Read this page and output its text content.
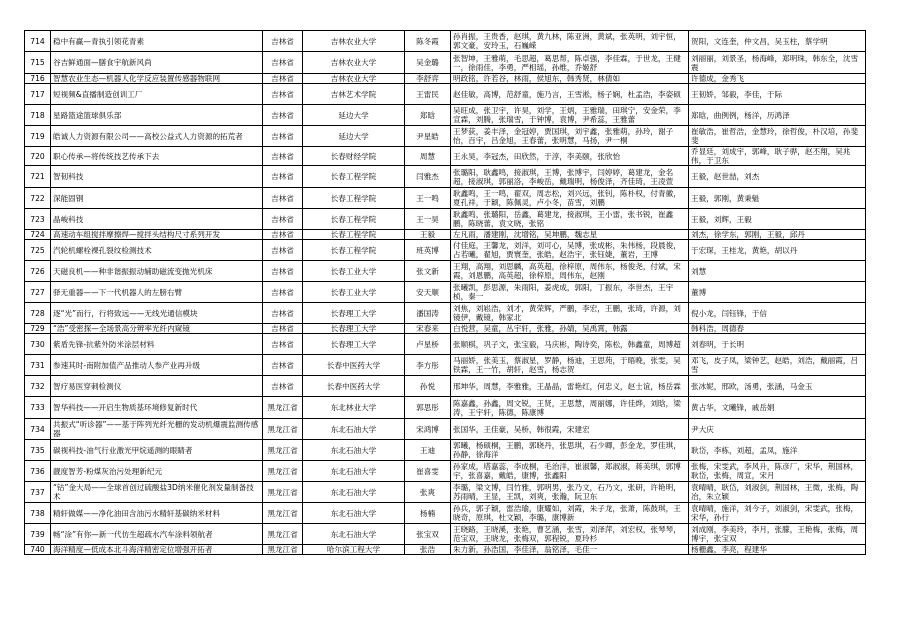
714	稳中有赢—青执引领花青素	吉林省	吉林农业大学	陈冬霞	孙肖振，王贵香，赵琪，黄九林，陈亚洲，黄斌，张英明，刘宇恒，郭文豪，安玲玉，石巍嵘	贺阳，文连奎，仲文昌，吴玉柱，蔡学明
715	谷吉鲜通面—膳食宇航新风尚	吉林省	吉林农业大学	吴金璐	张智坤，王雅萌，毛思超，葛思帮，陈卓强，李佳霖，于世龙，王健一，徐雨佳，李勇，严相瑶，孙维，乔姬舒	刘丽丽，刘景圣，杨海峰，郑明珠，韩东全，沈雪震
716	智慧农业生态—机器人化学反应装置传感器物联网	吉林省	吉林农业大学	李舒弈	明政铭，许若谷，林雨，侯旭东，韩秀贤，林倩如	许德成，金秀飞
717	短视频&直播制造创训工厂	吉林省	吉林艺术学院	王雷民	赵佳敏，高博，范舒童，施乃言，王雪淞，杨子娴，杜孟浩，李姿硕	王韧娇，邹毅，李佳，于际
718	星路篮途篮球俱乐部	吉林省	延边大学	郑晗	吴旺成，张卫宇，许昊，刘学，王炳，王雅瑞，田琪宁，安金荣，李宣霖，刘腾，张瑞雪，于钟博，袁博，尹希蕊，王雅蕾	郑晗，曲例例，杨洋，历鸿泽
719	皓诚人力资源有限公司——高校公益式人力资源的拓荒者	吉林省	延边大学	尹星皓	王梦荻，姜丰泽，金冠婷，贾国琪，刘宇鑫，张雅萌，孙玲，谢子怡，百宇，吕金旭，王春蕾，张明慧，马扬，尹一桐	崔敏浩，崔哲浩，金慧玲，徐哲俊，朴汉培，孙斐斐
720	职心传承—将传统技艺传承下去	吉林省	长春财经学院	周慧	王永昊，李冠杰，田欣然，于淳，李美颐，张欣怡	乔显廷，刘成宇，郭峰，耿子骅，赵丕翔，吴兆伟，于卫东
721	智韧科技	吉林省	长春工程学院	闫雅杰	张璐阳，耿鑫鸣，接淑琪，王博，张博宇，闫婷婷，葛建龙，金名超，接淑琪，郭丽洛，李峻岳，戴瑞明，杨俊泽，齐佳琦，王凌萱	王毅，赵世喆，刘杰
722	深能固钢	吉林省	长春工程学院	王一鸣	耿鑫鸣，王一鸣，翟双，周志松，刘兴远，张钊，陈朴权，付青徽，夏孔祥，于颖，陈佩灵，卢小冬，苗雪，刘鹏	王毅，郭刚，黄秉魁
723	晶峻科技	吉林省	长春工程学院	王一昊	耿鑫鸣，张璐阳，岳鑫，葛建龙，接淑琪，王小雷，张书锐，崔鑫鹏，陈晓蕾，袁文晓，张铭	王毅，刘辉，王毅
724	高速动车组搅拌摩擦焊—搅拌头结构尺寸系列开发	吉林省	长春工程学院	王毅	左凡雨，潘建刚，沈增铭，吴坤鹏，魏志星	刘杰，徐学东，郭刚，王毅，邱丹
725	汽轮机螺栓裸孔裂纹检测技术	吉林省	长春工程学院	班英博	付佳庭，王馨龙，刘洋，刘可心，吴博，张成彬，朱伟杨，段晨俊，占若曦，翟旭，贾寰奎，张皓，赵浩宇，张钰婕，董岩，王博	于宏琛，王桂龙，黄艳，胡以丹
726	天磁良机——种非谐振振动辅助磁流变抛光机床	吉林省	长春工业大学	张文新	王翔，高翔，刘思麟，高英超，徐梓原，周伟东，杨俊尧，付斌，宋霞，刘恩鹏，高英超，徐梓原，周伟东，赵刚	刘慧
727	驿无重器——下一代机器人的左膀右臂	吉林省	长春工业大学	安天顺	张曦凯，彭思源，朱雨阳，姜虎成，郭阳，丁振东，李世杰，王宇桢，秦一	董博
728	逐“光”而行，行将致远——无线光通信模块	吉林省	长春理工大学	潘国涛	刘焦，刘崧浩，刘才，黄荣辉，严鹏，李宏，王鹏，张琦，许源，刘镜伊，戴镜，韩家北	倪小龙，闫钰锋，于信
729	“浩”受密探—全场景高分辨率光纤内窥镜	吉林省	长春理工大学	宋春来	白悦营，吴童，丛宇轩，张雅，孙婧，吴禹霄，韩露	韩科浩，周德春
730	紫盾先锋-抗紫外防米涂层材料	吉林省	长春理工大学	卢星桥	张顺棋，巩子文，张宝毅，马庆彬，陶诗奕，陈松，韩鑫童，周博超	刘春明，于长明
731	参速其时-南附加值产品推动人参产业再升级	吉林省	长春中医药大学	李方彤	马丽娇，张美玉，蔡淑星，罗静，杨迪，王思苑，于晤晚，张雯，吴铁霖，王一竹，胡轩，赵雪，杨志贺	邓飞，皮子凤，梁钟艺，赵皓，刘浩，戴丽霞，吕雪
732	智疗易医穿刺检测仪	吉林省	长春中医药大学	孙悦	邢坤华，周慧，李雅雅，王晶晶，雷艳红，何忠义，赵士谊，杨岳霖	张冰妮，邢欧，汤勇，张涵，马金玉
733	智华科技——开启生物质基环境修复新时代	黑龙江省	东北林业大学	郭思彤	陈嘉鑫，孙鑫，周文锐，王贤，王思慧，周丽娜，许佳烨，刘晗，梁涛，王宇轩，陈德，陈康博	黄占华，文曦锋，戚岳娟
734	共振式“听诊器”——基于阵列光纤光栅的发动机爆震监测传感器	黑龙江省	东北石油大学	宋鸿博	张国华，王佳豪，吴桥，韩很霞，宋建宏	尹大庆
735	碳视科技-油气行业激光甲烷遥测的眼睛者	黑龙江省	东北石油大学	王迪	郭曦，杨硕桐，王鹏，郭晓丹，张思琪，石少卿，彭金龙，罗佳琪，孙静，徐海洋	耿岱，李栋，刘超，孟凤，施洋
736	靓度智芳-粉煤灰治污处理新纪元	黑龙江省	东北石油大学	崔喜雯	孙家成，塔嘉蕊，李成桐，毛治洋，崔淑馨，郑淑淑，蒋美琪，郭博宇，张喜嘉，戴皓，康博，张鑫阳	张梅，宋雯武，李风升，陈彦厂，宋华，荆国林，耿岱，张梅，周宣，宋月
737	“钴”金大局——全球首创过硫酸盐3D纳米催化剂发量制备技术	黑龙江省	东北石油大学	张爽	李璐，梁文博，闫竹雅，郭明男，张乃文，石乃文，张研，许艳明，苏雨晴，王显，王凯，刘爽，张瀚，阮卫东	袁晴晴，耿岱，刘淑剑，荆国林，王微，张梅，陶冶，朱立颖
738	精轩做媒——净化油田含油污水精轩基碳纳米材料	黑龙江省	东北石油大学	杨楠	孙兵，郭子颖，雷浩瑜，康耀如，刘霞，朱子龙，张萧，陈鼓琪，王晓奇，原琪，杜文颖，李璐，康博新	袁晴晴，施洋，刘今子，刘淑剑，宋雯武，张梅，宋华，孙行
739	畅“涂”有你—新一代仿生超疏水汽车涂料领航者	黑龙江省	东北石油大学	张宝双	王晓路，王晓溪，张艳，曹艺涵，张雪，刘泽萍，刘宏权，张琴琴，范宝双，王晓龙，张梅双，郭程锐，夏玲杉	刘成刚，李美玲，李月，张朦，王艳梅，张梅，周博宇，张宝双
740	海洋精度—低成本北斗海洋精密定位增强开拓者	黑龙江省	哈尔滨工程大学	张浩	朱力新，孙浩国，李佳泽，翁铭泽，毛佳一	杨栅鑫，李亮，程建华
